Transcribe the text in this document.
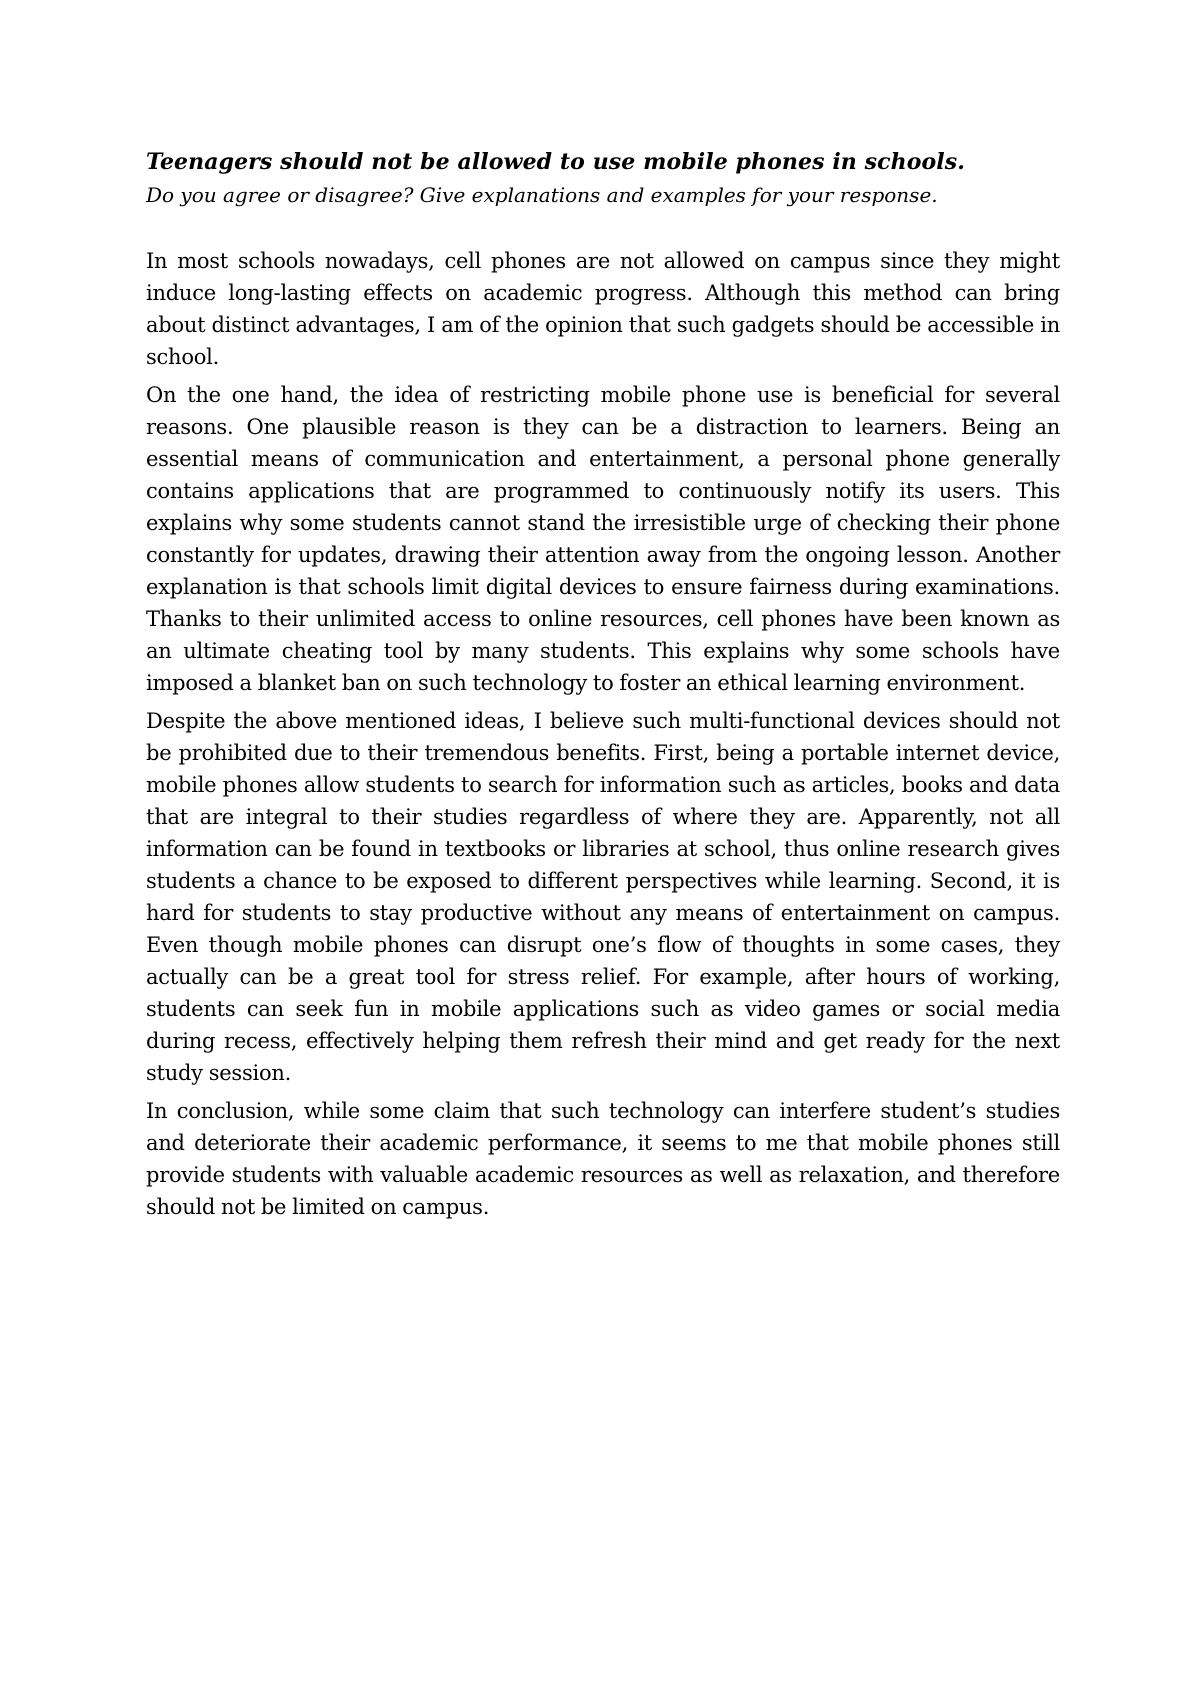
Teenagers should not be allowed to use mobile phones in schools.

Do you agree or disagree? Give explanations and examples for your response.

In most schools nowadays, cell phones are not allowed on campus since they might induce long-lasting effects on academic progress. Although this method can bring about distinct advantages, I am of the opinion that such gadgets should be accessible in school.

On the one hand, the idea of restricting mobile phone use is beneficial for several reasons. One plausible reason is they can be a distraction to learners. Being an essential means of communication and entertainment, a personal phone generally contains applications that are programmed to continuously notify its users. This explains why some students cannot stand the irresistible urge of checking their phone constantly for updates, drawing their attention away from the ongoing lesson. Another explanation is that schools limit digital devices to ensure fairness during examinations. Thanks to their unlimited access to online resources, cell phones have been known as an ultimate cheating tool by many students. This explains why some schools have imposed a blanket ban on such technology to foster an ethical learning environment.

Despite the above mentioned ideas, I believe such multi-functional devices should not be prohibited due to their tremendous benefits. First, being a portable internet device, mobile phones allow students to search for information such as articles, books and data that are integral to their studies regardless of where they are. Apparently, not all information can be found in textbooks or libraries at school, thus online research gives students a chance to be exposed to different perspectives while learning. Second, it is hard for students to stay productive without any means of entertainment on campus. Even though mobile phones can disrupt one’s flow of thoughts in some cases, they actually can be a great tool for stress relief. For example, after hours of working, students can seek fun in mobile applications such as video games or social media during recess, effectively helping them refresh their mind and get ready for the next study session.

In conclusion, while some claim that such technology can interfere student’s studies and deteriorate their academic performance, it seems to me that mobile phones still provide students with valuable academic resources as well as relaxation, and therefore should not be limited on campus.
